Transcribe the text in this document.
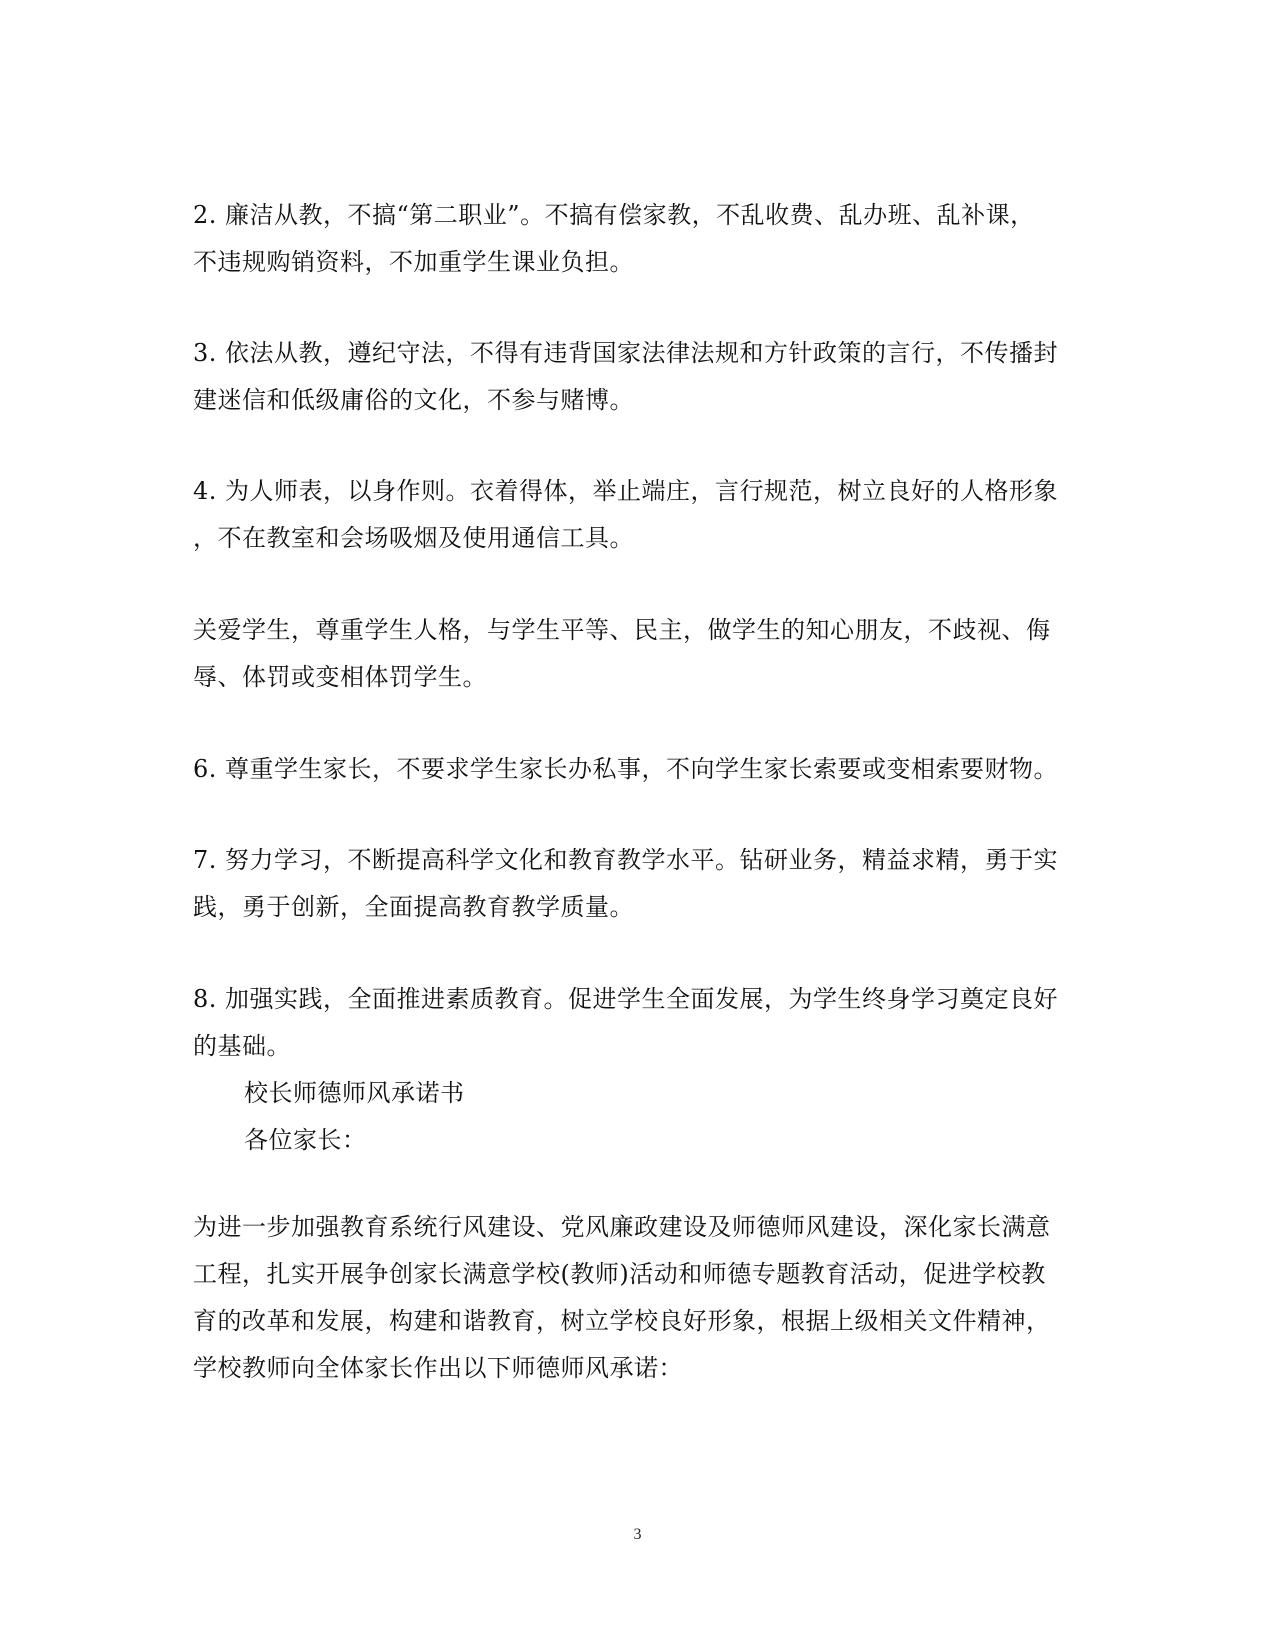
2. 廉洁从教，不搞“第二职业”。不搞有偿家教，不乱收费、乱办班、乱补课，
不违规购销资料，不加重学生课业负担。

3. 依法从教，遵纪守法，不得有违背国家法律法规和方针政策的言行，不传播封
建迷信和低级庸俗的文化，不参与赌博。

4. 为人师表，以身作则。衣着得体，举止端庄，言行规范，树立良好的人格形象
，不在教室和会场吸烟及使用通信工具。

关爱学生，尊重学生人格，与学生平等、民主，做学生的知心朋友，不歧视、侮
辱、体罚或变相体罚学生。

6. 尊重学生家长，不要求学生家长办私事，不向学生家长索要或变相索要财物。

7. 努力学习，不断提高科学文化和教育教学水平。钻研业务，精益求精，勇于实
践，勇于创新，全面提高教育教学质量。

8. 加强实践，全面推进素质教育。促进学生全面发展，为学生终身学习奠定良好
的基础。

校长师德师风承诺书

各位家长：

为进一步加强教育系统行风建设、党风廉政建设及师德师风建设，深化家长满意
工程，扎实开展争创家长满意学校(教师)活动和师德专题教育活动，促进学校教
育的改革和发展，构建和谐教育，树立学校良好形象，根据上级相关文件精神，
学校教师向全体家长作出以下师德师风承诺：

3
